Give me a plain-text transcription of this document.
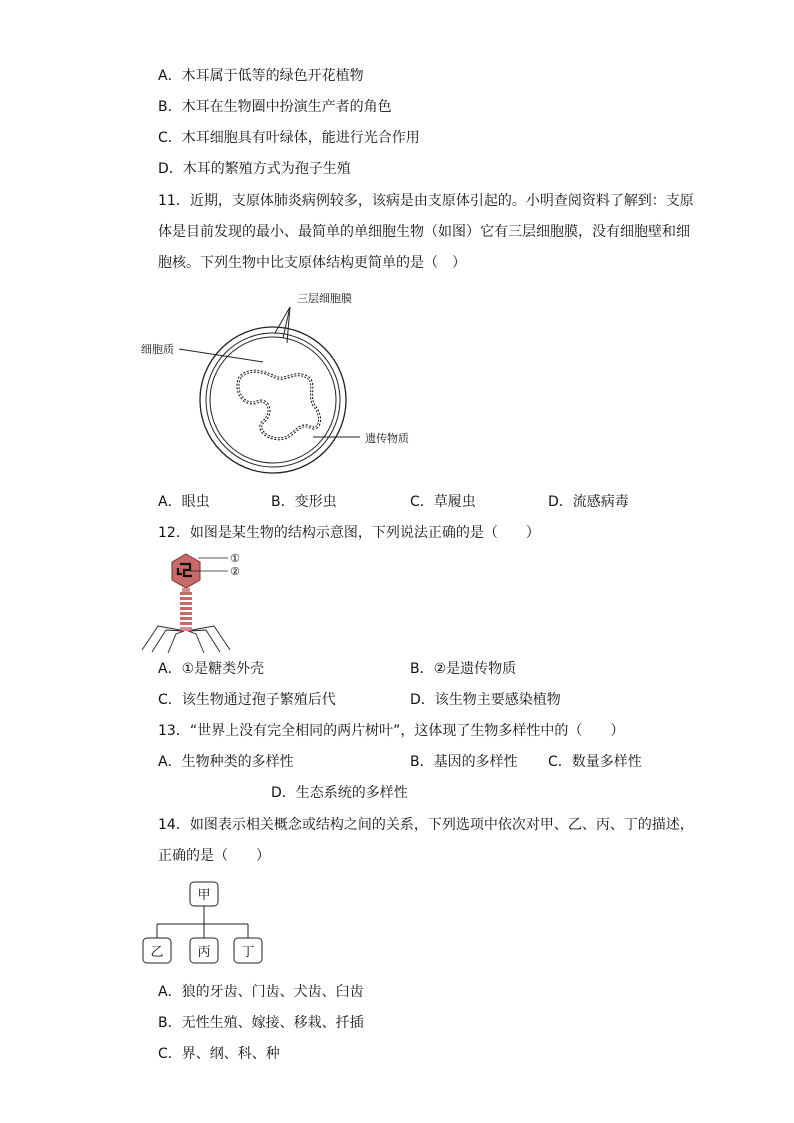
A．木耳属于低等的绿色开花植物
B．木耳在生物圈中扮演生产者的角色
C．木耳细胞具有叶绿体，能进行光合作用
D．木耳的繁殖方式为孢子生殖
11．近期，支原体肺炎病例较多，该病是由支原体引起的。小明查阅资料了解到：支原
体是目前发现的最小、最简单的单细胞生物（如图）它有三层细胞膜，没有细胞壁和细
胞核。下列生物中比支原体结构更简单的是（　）
三层细胞膜
细胞质
遗传物质
A．眼虫	B．变形虫	C．草履虫	D．流感病毒
12．如图是某生物的结构示意图，下列说法正确的是（　　）
①
②
A．①是糖类外壳	B．②是遗传物质
C．该生物通过孢子繁殖后代	D．该生物主要感染植物
13．“世界上没有完全相同的两片树叶”，这体现了生物多样性中的（　　）
A．生物种类的多样性	B．基因的多样性 C．数量多样性
D．生态系统的多样性
14．如图表示相关概念或结构之间的关系，下列选项中依次对甲、乙、丙、丁的描述，
正确的是（　　）
甲
乙	丙 丁
A．狼的牙齿、门齿、犬齿、臼齿
B．无性生殖、嫁接、移栽、扦插
C．界、纲、科、种
